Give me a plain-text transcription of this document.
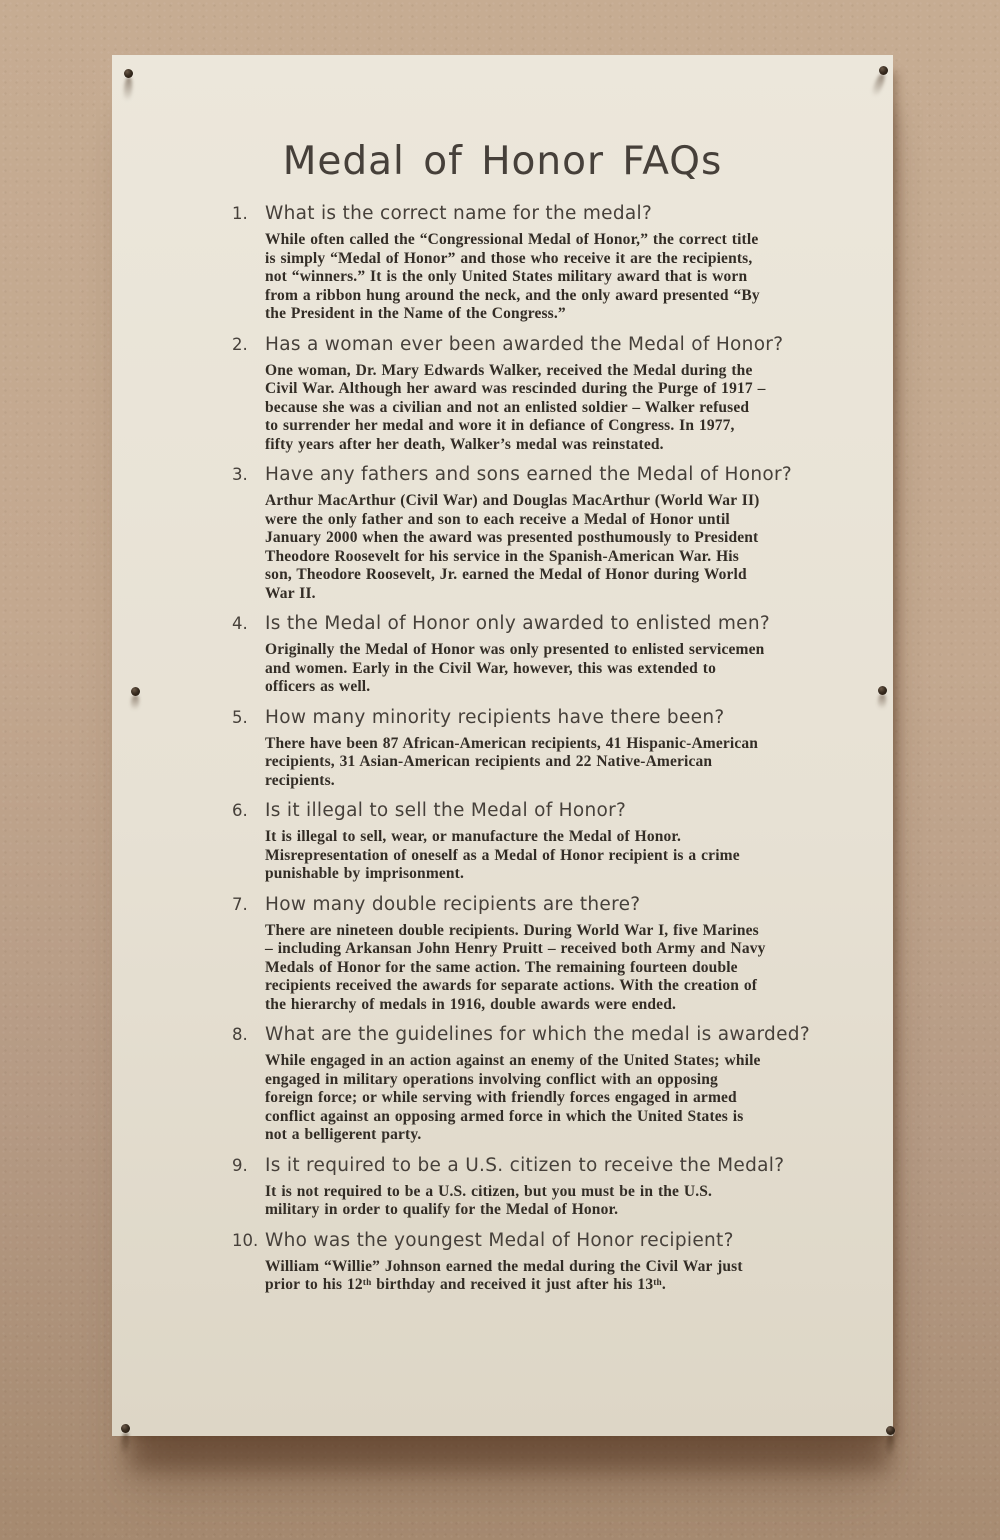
Medal of Honor FAQs
1. What is the correct name for the medal?

While often called the “Congressional Medal of Honor,” the correct title is simply “Medal of Honor” and those who receive it are the recipients, not “winners.” It is the only United States military award that is worn from a ribbon hung around the neck, and the only award presented “By the President in the Name of the Congress.”

2. Has a woman ever been awarded the Medal of Honor?

One woman, Dr. Mary Edwards Walker, received the Medal during the Civil War. Although her award was rescinded during the Purge of 1917 – because she was a civilian and not an enlisted soldier – Walker refused to surrender her medal and wore it in defiance of Congress. In 1977, fifty years after her death, Walker’s medal was reinstated.

3. Have any fathers and sons earned the Medal of Honor?

Arthur MacArthur (Civil War) and Douglas MacArthur (World War II) were the only father and son to each receive a Medal of Honor until January 2000 when the award was presented posthumously to President Theodore Roosevelt for his service in the Spanish-American War. His son, Theodore Roosevelt, Jr. earned the Medal of Honor during World War II.

4. Is the Medal of Honor only awarded to enlisted men?

Originally the Medal of Honor was only presented to enlisted servicemen and women. Early in the Civil War, however, this was extended to officers as well.

5. How many minority recipients have there been?

There have been 87 African-American recipients, 41 Hispanic-American recipients, 31 Asian-American recipients and 22 Native-American recipients.

6. Is it illegal to sell the Medal of Honor?

It is illegal to sell, wear, or manufacture the Medal of Honor. Misrepresentation of oneself as a Medal of Honor recipient is a crime punishable by imprisonment.

7. How many double recipients are there?

There are nineteen double recipients. During World War I, five Marines – including Arkansan John Henry Pruitt – received both Army and Navy Medals of Honor for the same action. The remaining fourteen double recipients received the awards for separate actions. With the creation of the hierarchy of medals in 1916, double awards were ended.

8. What are the guidelines for which the medal is awarded?

While engaged in an action against an enemy of the United States; while engaged in military operations involving conflict with an opposing foreign force; or while serving with friendly forces engaged in armed conflict against an opposing armed force in which the United States is not a belligerent party.

9. Is it required to be a U.S. citizen to receive the Medal?

It is not required to be a U.S. citizen, but you must be in the U.S. military in order to qualify for the Medal of Honor.

10. Who was the youngest Medal of Honor recipient?

William “Willie” Johnson earned the medal during the Civil War just prior to his 12ᵗʰ birthday and received it just after his 13ᵗʰ.
